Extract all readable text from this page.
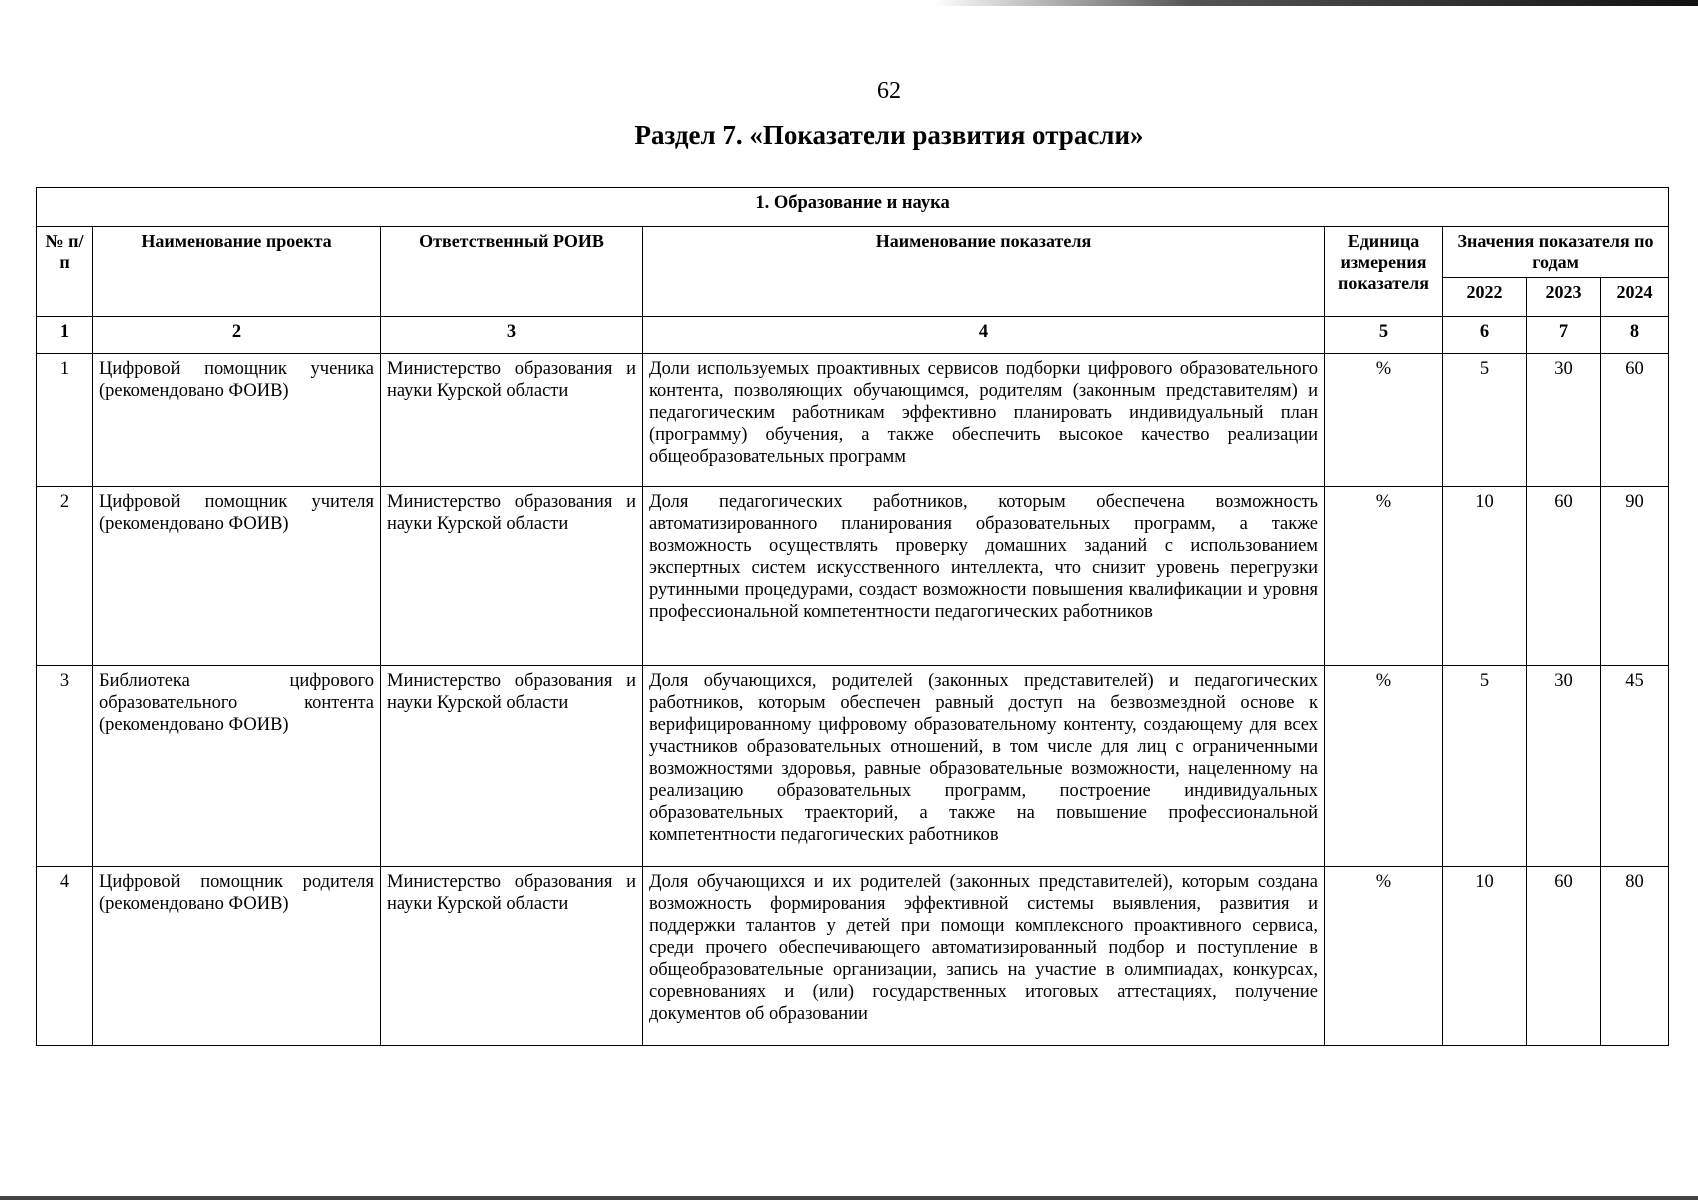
62
Раздел 7. «Показатели развития отрасли»
1. Образование и наука							
№ п/п	Наименование проекта	Ответственный РОИВ	Наименование показателя	Единица измерения показателя	Значения показателя по годам		
					2022	2023	2024
1	2	3	4	5	6	7	8
1	Цифровой помощник ученика (рекомендовано ФОИВ)	Министерство образования и науки Курской области	Доли используемых проактивных сервисов подборки цифрового образовательного контента, позволяющих обучающимся, родителям (законным представителям) и педагогическим работникам эффективно планировать индивидуальный план (программу) обучения, а также обеспечить высокое качество реализации общеобразовательных программ	%	5	30	60
2	Цифровой помощник учителя (рекомендовано ФОИВ)	Министерство образования и науки Курской области	Доля педагогических работников, которым обеспечена возможность автоматизированного планирования образовательных программ, а также возможность осуществлять проверку домашних заданий с использованием экспертных систем искусственного интеллекта, что снизит уровень перегрузки рутинными процедурами, создаст возможности повышения квалификации и уровня профессиональной компетентности педагогических работников	%	10	60	90
3	Библиотека цифрового образовательного контента (рекомендовано ФОИВ)	Министерство образования и науки Курской области	Доля обучающихся, родителей (законных представителей) и педагогических работников, которым обеспечен равный доступ на безвозмездной основе к верифицированному цифровому образовательному контенту, создающему для всех участников образовательных отношений, в том числе для лиц с ограниченными возможностями здоровья, равные образовательные возможности, нацеленному на реализацию образовательных программ, построение индивидуальных образовательных траекторий, а также на повышение профессиональной компетентности педагогических работников	%	5	30	45
4	Цифровой помощник родителя (рекомендовано ФОИВ)	Министерство образования и науки Курской области	Доля обучающихся и их родителей (законных представителей), которым создана возможность формирования эффективной системы выявления, развития и поддержки талантов у детей при помощи комплексного проактивного сервиса, среди прочего обеспечивающего автоматизированный подбор и поступление в общеобразовательные организации, запись на участие в олимпиадах, конкурсах, соревнованиях и (или) государственных итоговых аттестациях, получение документов об образовании	%	10	60	80
